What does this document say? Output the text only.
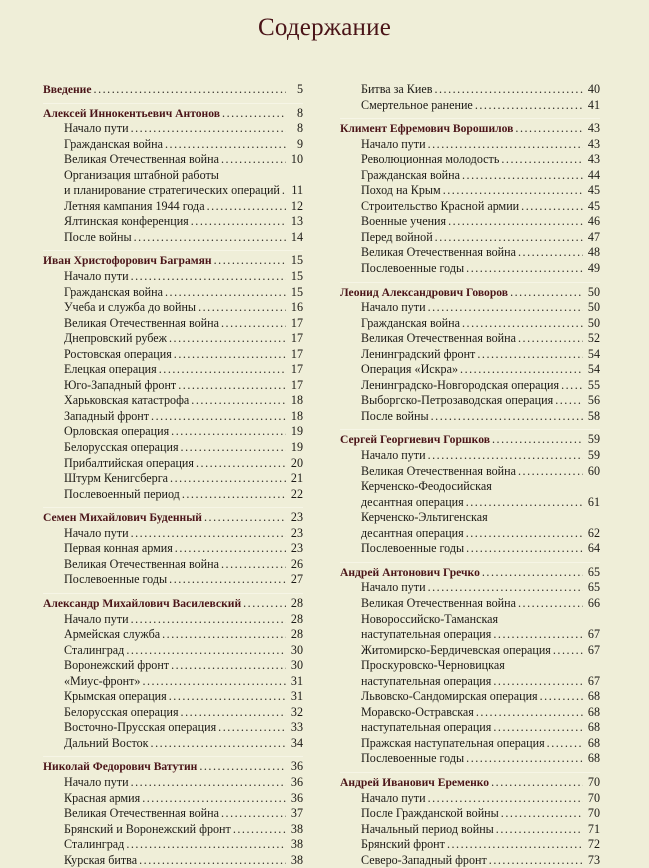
Содержание
Введение . . .	5
Алексей Иннокентьевич Антонов . . .	8
Начало пути . . .	8
Гражданская война . . .	9
Великая Отечественная война . . .	10
Организация штабной работы
и планирование стратегических операций . . . 11
Летняя кампания 1944 года . . .	12
Ялтинская конференция . . .	13
После войны . . .	14
Иван Христофорович Баграмян . . .	15
Начало пути . . .	15
Гражданская война . . .	15
Учеба и служба до войны . . .	16
Великая Отечественная война . . .	17
Днепровский рубеж . . .	17
Ростовская операция . . .	17
Елецкая операция . . .	17
Юго-Западный фронт . . .	17
Харьковская катастрофа . . .	18
Западный фронт . . .	18
Орловская операция . . .	19
Белорусская операция . . .	19
Прибалтийская операция . . .	20
Штурм Кенигсберга . . .	21
Послевоенный период . . .	22
Семен Михайлович Буденный . . .	23
Начало пути . . .	23
Первая конная армия . . .	23
Великая Отечественная война . . .	26
Послевоенные годы . . .	27
Александр Михайлович Василевский . . .	28
Начало пути . . .	28
Армейская служба . . .	28
Сталинград . . .	30
Воронежский фронт . . .	30
«Миус-фронт» . . .	31
Крымская операция . . .	31
Белорусская операция . . .	32
Восточно-Прусская операция . . .	33
Дальний Восток . . .	34
Николай Федорович Ватутин . . .	36
Начало пути . . .	36
Красная армия . . .	36
Великая Отечественная война . . .	37
Брянский и Воронежский фронт . . .	38
Сталинград . . .	38
Курская битва . . .	38
Битва за Киев . . .	40
Смертельное ранение . . .	41
Климент Ефремович Ворошилов . . .	43
Начало пути . . .	43
Революционная молодость . . .	43
Гражданская война . . .	44
Поход на Крым . . .	45
Строительство Красной армии . . .	45
Военные учения . . .	46
Перед войной . . .	47
Великая Отечественная война . . .	48
Послевоенные годы . . .	49
Леонид Александрович Говоров . . .	50
Начало пути . . .	50
Гражданская война . . .	50
Великая Отечественная война . . .	52
Ленинградский фронт . . .	54
Операция «Искра» . . .	54
Ленинградско-Новгородская операция . . . 55
Выборгско-Петрозаводская операция . . .	56
После войны . . .	58
Сергей Георгиевич Горшков . . .	59
Начало пути . . .	59
Великая Отечественная война . . .	60
Керченско-Феодосийская
десантная операция . . .	61
Керченско-Эльтигенская
десантная операция . . .	62
Послевоенные годы . . .	64
Андрей Антонович Гречко . . .	65
Начало пути . . .	65
Великая Отечественная война . . .	66
Новороссийско-Таманская
наступательная операция . . .	67
Житомирско-Бердичевская операция . . .	67
Проскуровско-Черновицкая
наступательная операция . . .	67
Львовско-Сандомирская операция . . .	68
Моравско-Остравская . . .	68
наступательная операция . . .	68
Пражская наступательная операция . . .	68
Послевоенные годы . . .	68
Андрей Иванович Еременко . . .	70
Начало пути . . .	70
После Гражданской войны . . .	70
Начальный период войны . . .	71
Брянский фронт . . .	72
Северо-Западный фронт . . .	73
